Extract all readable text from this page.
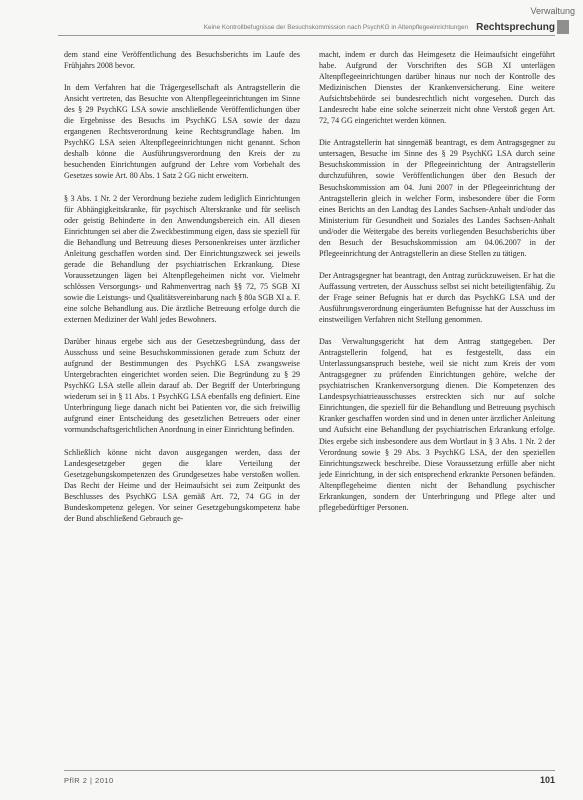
Verwaltung
Keine Kontrollbefugnisse der Besuchskommission nach PsychKG in Altenpflegeeinrichtungen Rechtsprechung

dem stand eine Veröffentlichung des Besuchsberichts im Laufe des Frühjahrs 2008 bevor.

In dem Verfahren hat die Trägergesellschaft als Antragstellerin die Ansicht vertreten, das Besuchte von Altenpflegeeinrichtungen im Sinne des § 29 PsychKG LSA sowie anschließende Veröffentlichungen über die Ergebnisse des Besuchs im PsychKG LSA sowie der dazu ergangenen Rechtsverordnung keine Rechtsgrundlage haben. Im PsychKG LSA seien Altenpflegeeinrichtungen nicht genannt. Schon deshalb könne die Ausführungsverordnung den Kreis der zu besuchenden Einrichtungen aufgrund der Lehre vom Vorbehalt des Gesetzes sowie Art. 80 Abs. 1 Satz 2 GG nicht erweitern.

§ 3 Abs. 1 Nr. 2 der Verordnung beziehe zudem lediglich Einrichtungen für Abhängigkeitskranke, für psychisch Alterskranke und für seelisch oder geistig Behinderte in den Anwendungsbereich ein. All diesen Einrichtungen sei aber die Zweckbestimmung eigen, dass sie speziell für die Behandlung und Betreuung dieses Personenkreises unter ärztlicher Anleitung geschaffen worden sind. Der Einrichtungszweck sei jeweils gerade die Behandlung der psychiatrischen Erkrankung. Diese Voraussetzungen lägen bei Altenpflegeheimen nicht vor. Vielmehr schlössen Versorgungs- und Rahmenvertrag nach §§ 72, 75 SGB XI sowie die Leistungs- und Qualitätsvereinbarung nach § 80a SGB XI a. F. eine solche Behandlung aus. Die ärztliche Betreuung erfolge durch die externen Mediziner der Wahl jedes Bewohners.

Darüber hinaus ergebe sich aus der Gesetzesbegründung, dass der Ausschuss und seine Besuchskommissionen gerade zum Schutz der aufgrund der Bestimmungen des PsychKG LSA zwangsweise Untergebrachten eingerichtet worden seien. Die Begründung zu § 29 PsychKG LSA stelle allein darauf ab. Der Begriff der Unterbringung wiederum sei in § 11 Abs. 1 PsychKG LSA ebenfalls eng definiert. Eine Unterbringung liege danach nicht bei Patienten vor, die sich freiwillig aufgrund einer Entscheidung des gesetzlichen Betreuers oder einer vormundschaftsgerichtlichen Anordnung in einer Einrichtung befinden.

Schließlich könne nicht davon ausgegangen werden, dass der Landesgesetzgeber gegen die klare Verteilung der Gesetzgebungskompetenzen des Grundgesetzes habe verstoßen wollen. Das Recht der Heime und der Heimaufsicht sei zum Zeitpunkt des Beschlusses des PsychKG LSA gemäß Art. 72, 74 GG in der Bundeskompetenz gelegen. Vor seiner Gesetzgebungskompetenz habe der Bund abschließend Gebrauch ge-

macht, indem er durch das Heimgesetz die Heimaufsicht eingeführt habe. Aufgrund der Vorschriften des SGB XI unterlägen Altenpflegeeinrichtungen darüber hinaus nur noch der Kontrolle des Medizinischen Dienstes der Krankenversicherung. Eine weitere Aufsichtsbehörde sei bundesrechtlich nicht vorgesehen. Durch das Landesrecht habe eine solche seinerzeit nicht ohne Verstoß gegen Art. 72, 74 GG eingerichtet werden können.

Die Antragstellerin hat sinngemäß beantragt, es dem Antragsgegner zu untersagen, Besuche im Sinne des § 29 PsychKG LSA durch seine Besuchskommission in der Pflegeeinrichtung der Antragstellerin durchzuführen, sowie Veröffentlichungen über den Besuch der Besuchskommission am 04. Juni 2007 in der Pflegeeinrichtung der Antragstellerin gleich in welcher Form, insbesondere über die Form eines Berichts an den Landtag des Landes Sachsen-Anhalt und/oder das Ministerium für Gesundheit und Soziales des Landes Sachsen-Anhalt und/oder die Weitergabe des bereits vorliegenden Besuchsberichts über den Besuch der Besuchskommission am 04.06.2007 in der Pflegeeinrichtung der Antragstellerin an diese Stellen zu tätigen.

Der Antragsgegner hat beantragt, den Antrag zurückzuweisen. Er hat die Auffassung vertreten, der Ausschuss selbst sei nicht beteiligtenfähig. Zu der Frage seiner Befugnis hat er durch das PsychKG LSA und der Ausführungsverordnung eingeräumten Befugnisse hat der Ausschuss im einstweiligen Verfahren nicht Stellung genommen.

Das Verwaltungsgericht hat dem Antrag stattgegeben. Der Antragstellerin folgend, hat es festgestellt, dass ein Unterlassungsanspruch bestehe, weil sie nicht zum Kreis der vom Antragsgegner zu prüfenden Einrichtungen gehöre, welche der psychiatrischen Krankenversorgung dienen. Die Kompetenzen des Landespsychiatrieausschusses erstreckten sich nur auf solche Einrichtungen, die speziell für die Behandlung und Betreuung psychisch Kranker geschaffen worden sind und in denen unter ärztlicher Anleitung und Aufsicht eine Behandlung der psychiatrischen Erkrankung erfolge. Dies ergebe sich insbesondere aus dem Wortlaut in § 3 Abs. 1 Nr. 2 der Verordnung sowie § 29 Abs. 3 PsychKG LSA, der den speziellen Einrichtungszweck beschreibe. Diese Voraussetzung erfülle aber nicht jede Einrichtung, in der sich entsprechend erkrankte Personen befänden. Altenpflegeheime dienten nicht der Behandlung psychischer Erkrankungen, sondern der Unterbringung und Pflege alter und pflegebedürftiger Personen.

PflR 2 | 2010	101
